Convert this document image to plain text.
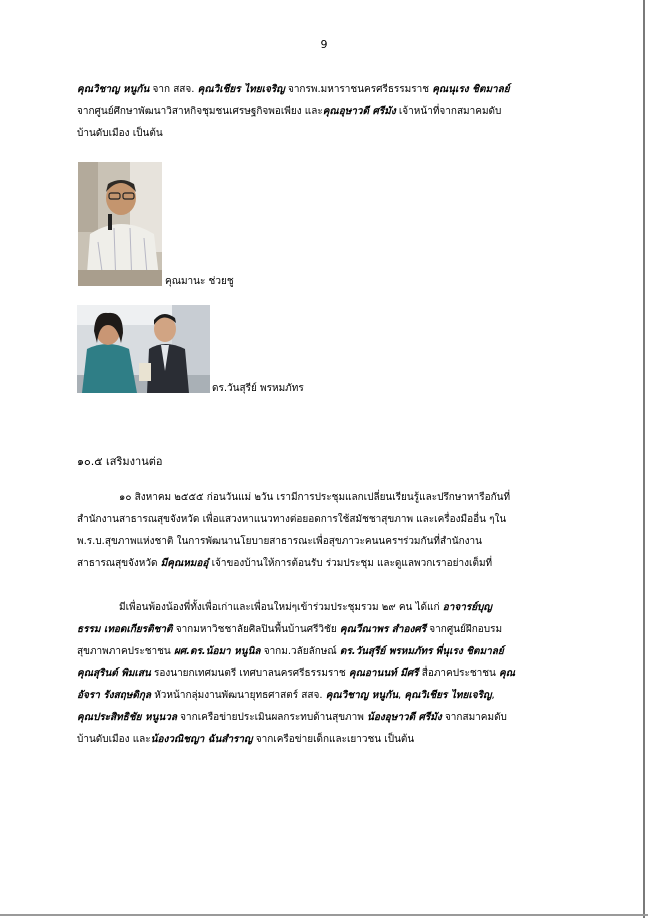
9
คุณวิชาญ หนูกัน จาก สสจ. คุณวิเชียร ไทยเจริญ จากรพ.มหาราชนครศรีธรรมราช คุณนุเรง ชิตมาลย์
จากศูนย์ศึกษาพัฒนาวิสาหกิจชุมชนเศรษฐกิจพอเพียง และคุณอุษาวดี ศรีมัง เจ้าหน้าที่จากสมาคมดับ
บ้านดับเมือง เป็นต้น
คุณมานะ ช่วยชู
ดร.วันสุรีย์ พรหมภัทร
๑๐.๕ เสริมงานต่อ
๑๐ สิงหาคม ๒๕๕๕ ก่อนวันแม่ ๒วัน เรามีการประชุมแลกเปลี่ยนเรียนรู้และปรึกษาหารือกันที่
สำนักงานสาธารณสุขจังหวัด เพื่อแสวงหาแนวทางต่อยอดการใช้สมัชชาสุขภาพ และเครื่องมืออื่น ๆใน
พ.ร.บ.สุขภาพแห่งชาติ ในการพัฒนานโยบายสาธารณะเพื่อสุขภาวะคนนครฯร่วมกันที่สำนักงาน
สาธารณสุขจังหวัด มีคุณหมออุ๋ เจ้าของบ้านให้การต้อนรับ ร่วมประชุม และดูแลพวกเราอย่างเต็มที่
มีเพื่อนพ้องน้องพี่ทั้งเพื่อเก่าและเพื่อนใหม่ๆเข้าร่วมประชุมรวม ๒๙ คน ได้แก่ อาจารย์บุญ
ธรรม เทอดเกียรติชาติ จากมหาวิชชาลัยศิลปินพื้นบ้านศรีวิชัย คุณวีณาพร สำองศรี จากศูนย์ฝึกอบรม
สุขภาพภาคประชาชน ผศ.ดร.น้อมา หนูนิล จากม.วลัยลักษณ์ ดร.วันสุรีย์ พรหมภัทร พี่นุเรง ชิตมาลย์
คุณสุรินต์ พิมเสน รองนายกเทศมนตรี เทศบาลนครศรีธรรมราช คุณอานนท์ มีศรี สื่อภาคประชาชน คุณ
อัจรา รังสฤษดิกุล หัวหน้ากลุ่มงานพัฒนายุทธศาสตร์ สสจ. คุณวิชาญ หนูกัน, คุณวิเชียร ไทยเจริญ,
คุณประสิทธิชัย หนูนวล จากเครือข่ายประเมินผลกระทบด้านสุขภาพ น้องอุษาวดี ศรีมัง จากสมาคมดับ
บ้านดับเมือง และน้องวณิชญา ฉันสำราญ จากเครือข่ายเด็กและเยาวชน เป็นต้น
